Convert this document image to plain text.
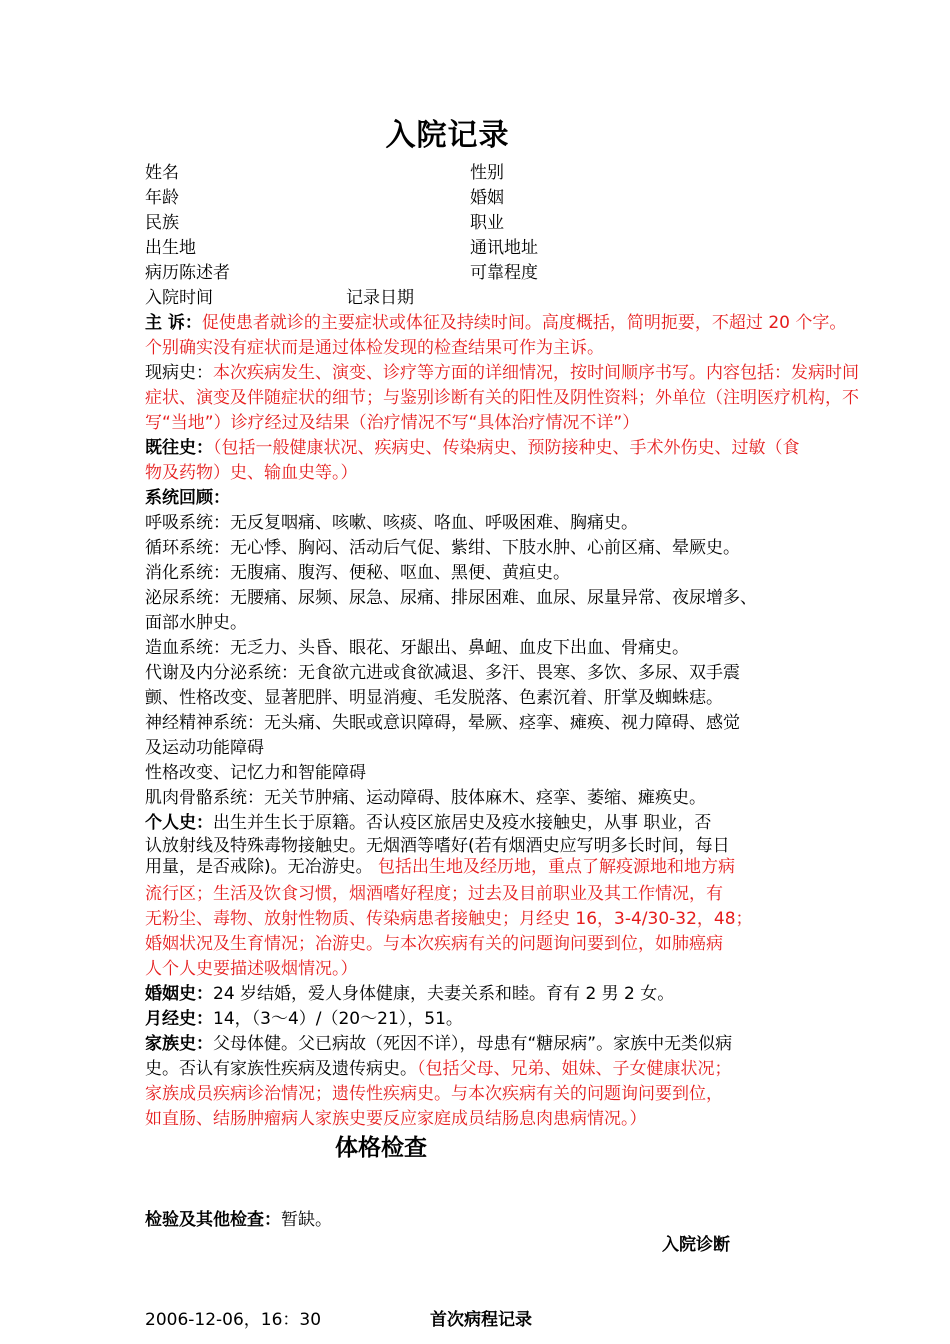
入院记录
姓名	性别
年龄	婚姻
民族	职业
出生地	通讯地址
病历陈述者	可靠程度
入院时间	记录日期

主 诉：促使患者就诊的主要症状或体征及持续时间。高度概括，简明扼要，不超过 20 个字。

个别确实没有症状而是通过体检发现的检查结果可作为主诉。

现病史：本次疾病发生、演变、诊疗等方面的详细情况，按时间顺序书写。内容包括：发病时间

症状、演变及伴随症状的细节；与鉴别诊断有关的阳性及阴性资料；外单位（注明医疗机构，不

写“当地”）诊疗经过及结果（治疗情况不写“具体治疗情况不详”）

既往史：（包括一般健康状况、疾病史、传染病史、预防接种史、手术外伤史、过敏（食

物及药物）史、输血史等。）

系统回顾：

呼吸系统：无反复咽痛、咳嗽、咳痰、咯血、呼吸困难、胸痛史。

循环系统：无心悸、胸闷、活动后气促、紫绀、下肢水肿、心前区痛、晕厥史。

消化系统：无腹痛、腹泻、便秘、呕血、黑便、黄疸史。

泌尿系统：无腰痛、尿频、尿急、尿痛、排尿困难、血尿、尿量异常、夜尿增多、

面部水肿史。

造血系统：无乏力、头昏、眼花、牙龈出、鼻衄、血皮下出血、骨痛史。

代谢及内分泌系统：无食欲亢进或食欲减退、多汗、畏寒、多饮、多尿、双手震

颤、性格改变、显著肥胖、明显消瘦、毛发脱落、色素沉着、肝掌及蜘蛛痣。

神经精神系统：无头痛、失眠或意识障碍，晕厥、痉挛、瘫痪、视力障碍、感觉

及运动功能障碍

性格改变、记忆力和智能障碍

肌肉骨骼系统：无关节肿痛、运动障碍、肢体麻木、痉挛、萎缩、瘫痪史。

个人史：出生并生长于原籍。否认疫区旅居史及疫水接触史，从事 职业，否

认放射线及特殊毒物接触史。无烟酒等嗜好(若有烟酒史应写明多长时间，每日

用量，是否戒除)。无冶游史。 包括出生地及经历地，重点了解疫源地和地方病

流行区；生活及饮食习惯，烟酒嗜好程度；过去及目前职业及其工作情况，有

无粉尘、毒物、放射性物质、传染病患者接触史；月经史 16，3-4/30-32，48；

婚姻状况及生育情况；冶游史。与本次疾病有关的问题询问要到位，如肺癌病

人个人史要描述吸烟情况。）

婚姻史：24 岁结婚，爱人身体健康，夫妻关系和睦。育有 2 男 2 女。

月经史：14，（3～4）/（20～21），51。

家族史：父母体健。父已病故（死因不详），母患有“糖尿病”。家族中无类似病

史。否认有家族性疾病及遗传病史。（包括父母、兄弟、姐妹、子女健康状况；

家族成员疾病诊治情况；遗传性疾病史。与本次疾病有关的问题询问要到位，

如直肠、结肠肿瘤病人家族史要反应家庭成员结肠息肉患病情况。）

体格检查
检验及其他检查：暂缺。
入院诊断
2006-12-06，16：30	首次病程记录
